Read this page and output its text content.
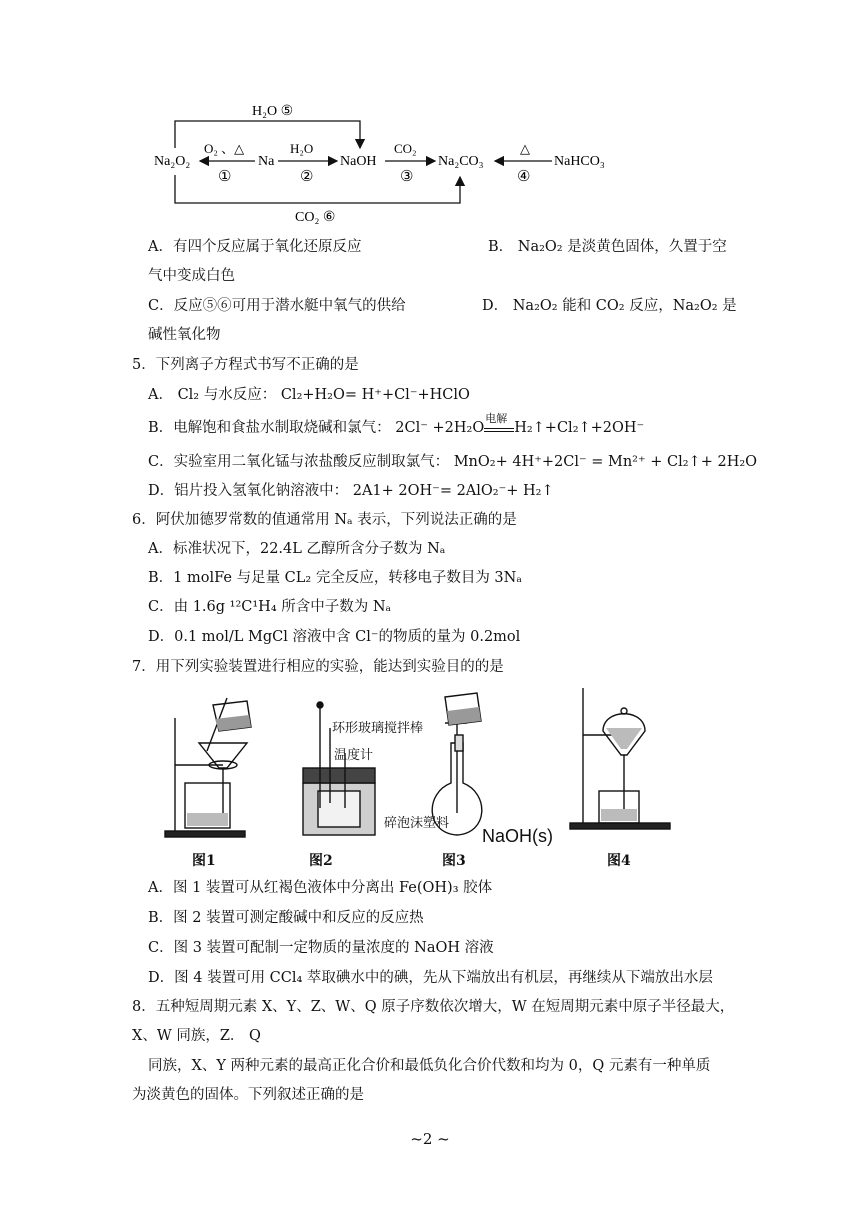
H₂O ⑤
CO₂ ⑥
Na₂O₂
O₂ 、△
①
Na
H₂O
②
NaOH
CO₂
③
Na₂CO₃
△
④
NaHCO₃
A．有四个反应属于氧化还原反应	B． Na₂O₂ 是淡黄色固体，久置于空
气中变成白色
C．反应⑤⑥可用于潜水艇中氧气的供给	D． Na₂O₂ 能和 CO₂ 反应，Na₂O₂ 是
碱性氧化物
5．下列离子方程式书写不正确的是
A． Cl₂ 与水反应： Cl₂+H₂O= H⁺+Cl⁻+HClO
B．电解饱和食盐水制取烧碱和氯气： 2Cl⁻ +2H₂O
电解
H₂↑+Cl₂↑+2OH⁻
C．实验室用二氧化锰与浓盐酸反应制取氯气： MnO₂+ 4H⁺+2Cl⁻ = Mn²⁺ + Cl₂↑+ 2H₂O
D．铝片投入氢氧化钠溶液中： 2A1+ 2OH⁻= 2AlO₂⁻+ H₂↑
6．阿伏加德罗常数的值通常用 Nₐ 表示，下列说法正确的是
A．标准状况下，22.4L 乙醇所含分子数为 Nₐ
B．1 molFe 与足量 CL₂ 完全反应，转移电子数目为 3Nₐ
C．由 1.6g ¹²C¹H₄ 所含中子数为 Nₐ
D．0.1 mol/L MgCl 溶液中含 Cl⁻的物质的量为 0.2mol
7．用下列实验装置进行相应的实验，能达到实验目的的是
环形玻璃搅拌棒
温度计
碎泡沫塑料
NaOH(s)
图1	图2	图3	图4
A．图 1 装置可从红褐色液体中分离出 Fe(OH)₃ 胶体
B．图 2 装置可测定酸碱中和反应的反应热
C．图 3 装置可配制一定物质的量浓度的 NaOH 溶液
D．图 4 装置可用 CCl₄ 萃取碘水中的碘，先从下端放出有机层，再继续从下端放出水层
8．五种短周期元素 X、Y、Z、W、Q 原子序数依次增大，W 在短周期元素中原子半径最大，
X、W 同族，Z． Q
同族，X、Y 两种元素的最高正化合价和最低负化合价代数和均为 0，Q 元素有一种单质
为淡黄色的固体。下列叙述正确的是
~2 ~
